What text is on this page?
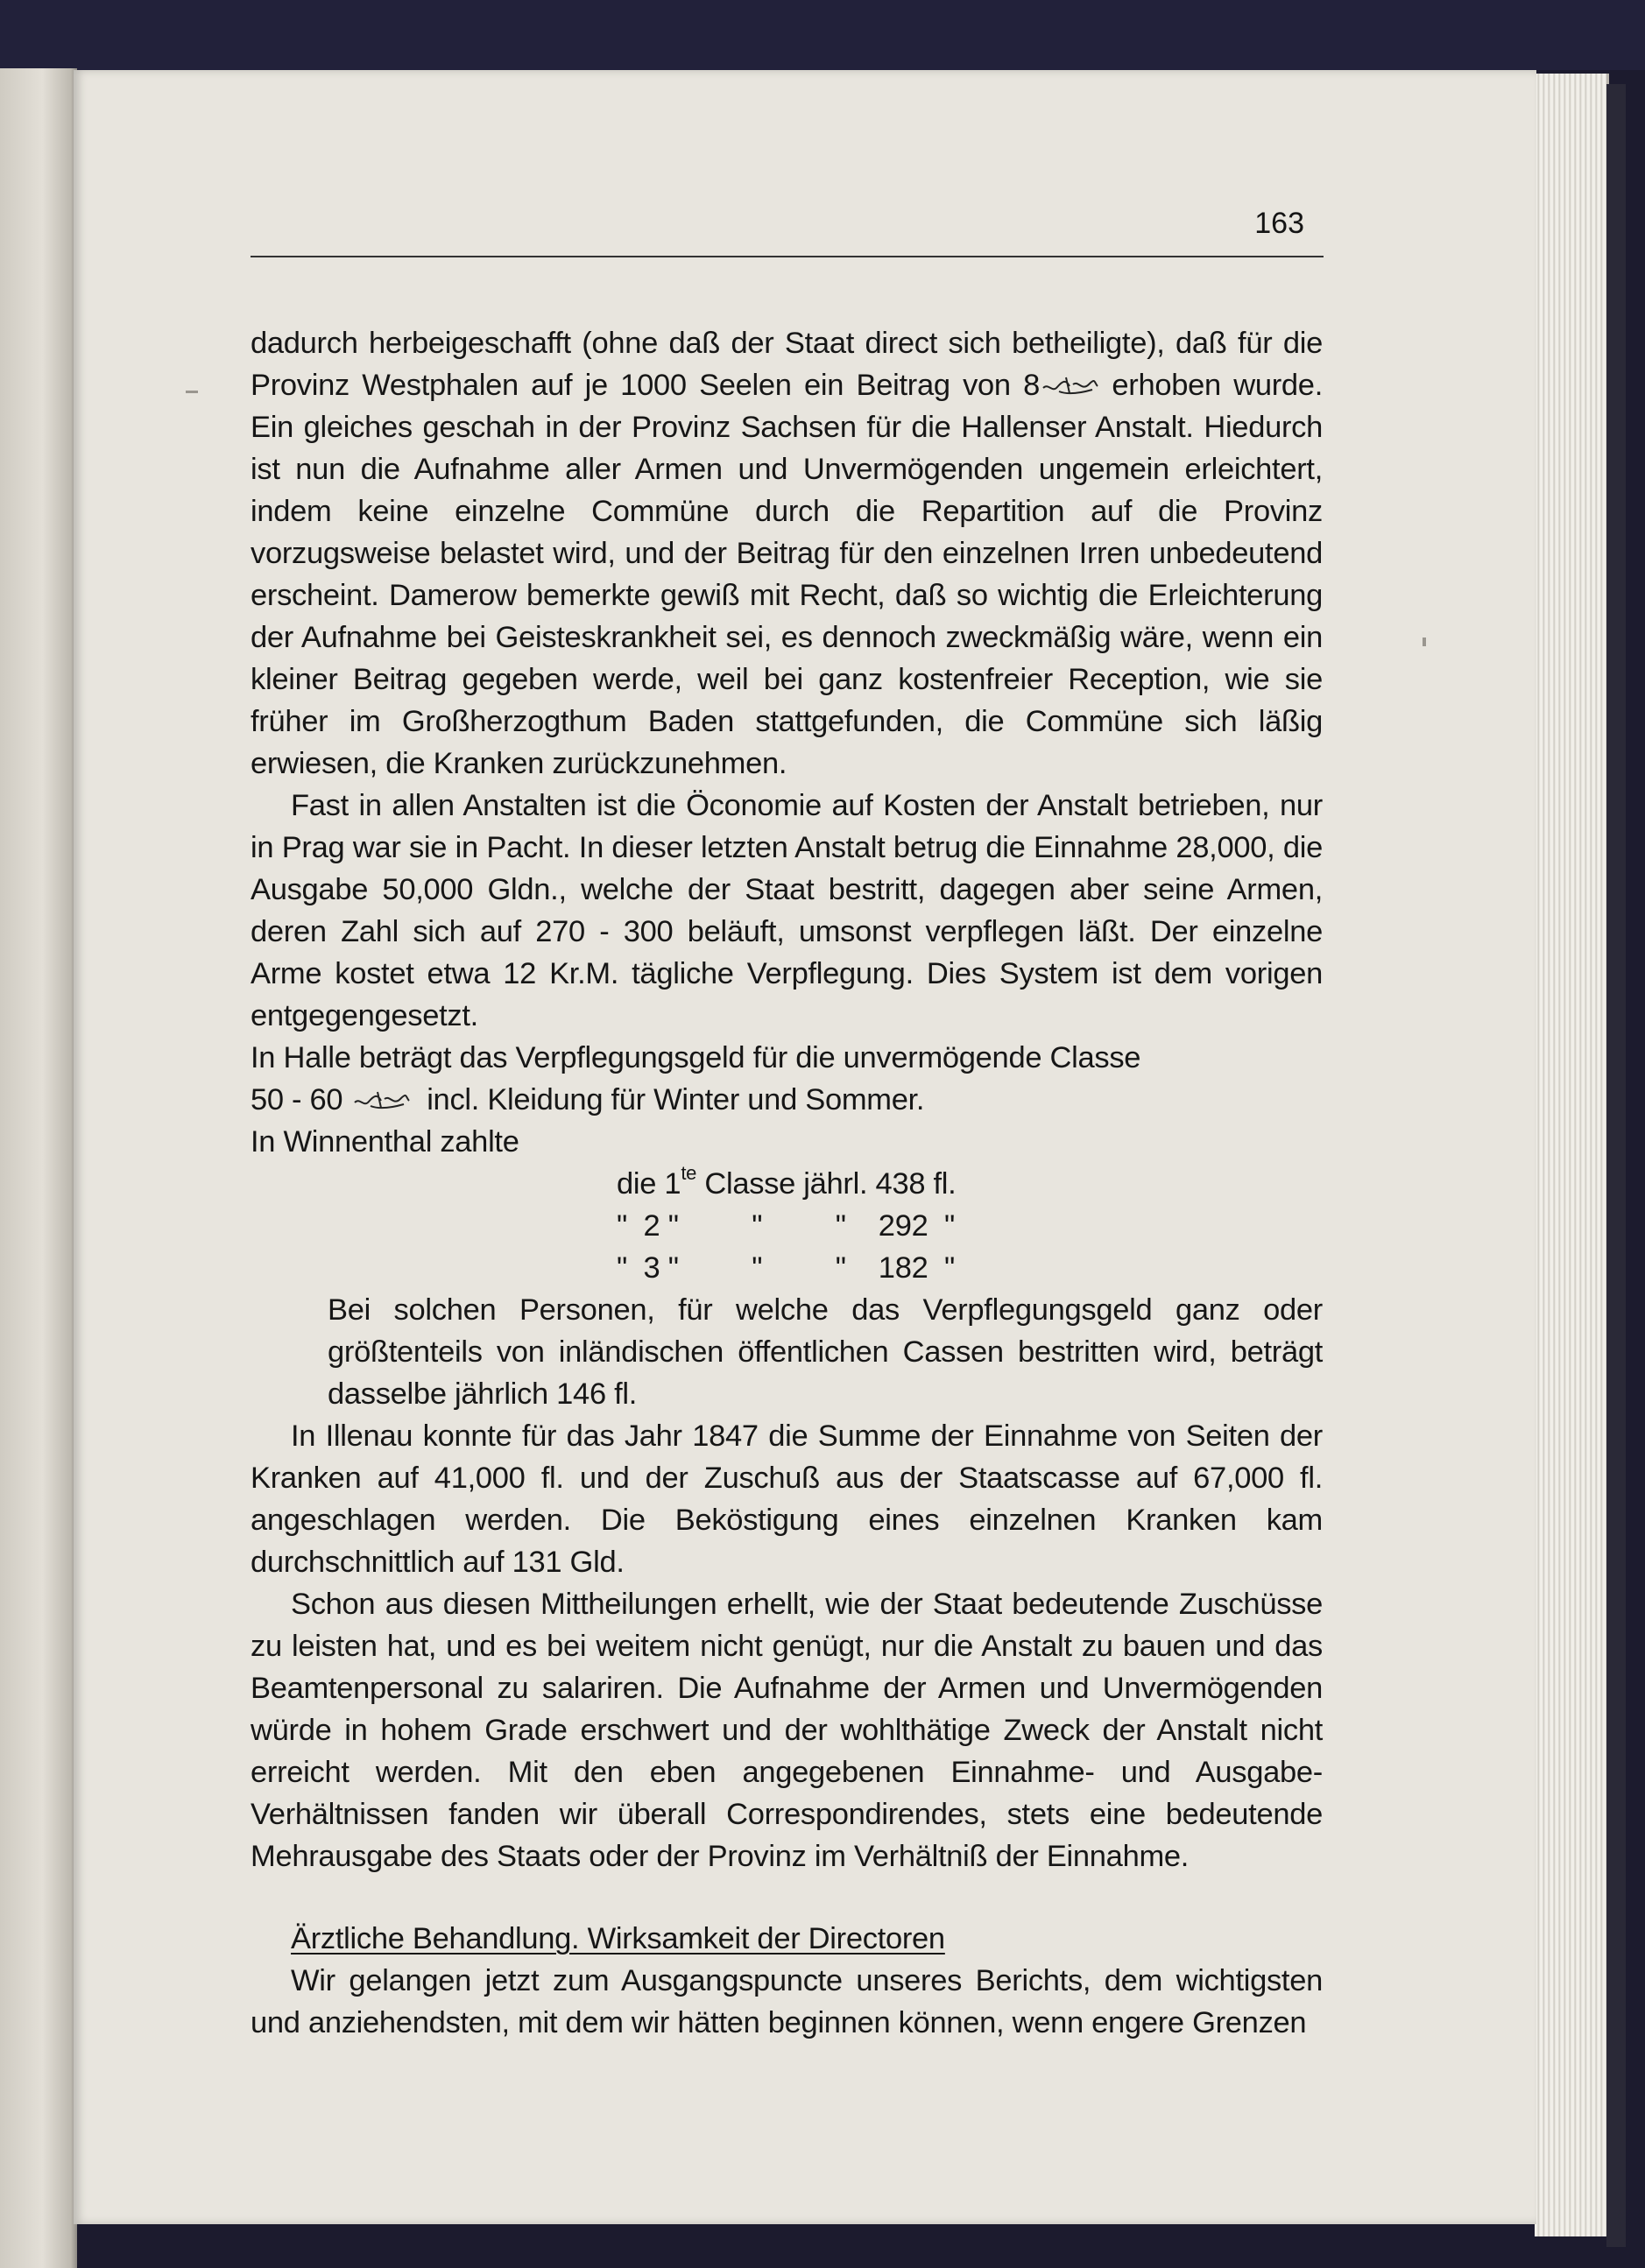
163

dadurch herbeigeschafft (ohne daß der Staat direct sich betheiligte), daß für die Provinz Westphalen auf je 1000 Seelen ein Beitrag von 8
erhoben wurde. Ein gleiches geschah in der Provinz Sachsen für die Hallenser Anstalt. Hiedurch ist nun die Aufnahme aller Armen und Unvermögenden ungemein erleichtert, indem keine einzelne Commüne durch die Repartition auf die Provinz vorzugsweise belastet wird, und der Beitrag für den einzelnen Irren unbedeutend erscheint. Damerow bemerkte gewiß mit Recht, daß so wichtig die Erleichterung der Aufnahme bei Geisteskrankheit sei, es dennoch zweckmäßig wäre, wenn ein kleiner Beitrag gegeben werde, weil bei ganz kostenfreier Reception, wie sie früher im Großherzogthum Baden stattgefunden, die Commüne sich läßig erwiesen, die Kranken zurückzunehmen.

Fast in allen Anstalten ist die Öconomie auf Kosten der Anstalt betrieben, nur in Prag war sie in Pacht. In dieser letzten Anstalt betrug die Einnahme 28,000, die Ausgabe 50,000 Gldn., welche der Staat bestritt, dagegen aber seine Armen, deren Zahl sich auf 270 - 300 beläuft, umsonst verpflegen läßt. Der einzelne Arme kostet etwa 12 Kr.M. tägliche Verpflegung. Dies System ist dem vorigen entgegengesetzt.

In Halle beträgt das Verpflegungsgeld für die unvermögende Classe

50 - 60	incl. Kleidung für Winter und Sommer.

In Winnenthal zahlte

die $1^{te}$ Classe jährl. 438 fl.
"  2 "         "         "    292  "
"  3 "         "         "    182  "

Bei solchen Personen, für welche das Verpflegungsgeld ganz oder größtenteils von inländischen öffentlichen Cassen bestritten wird, beträgt dasselbe jährlich 146 fl.

In Illenau konnte für das Jahr 1847 die Summe der Einnahme von Seiten der Kranken auf 41,000 fl. und der Zuschuß aus der Staatscasse auf 67,000 fl. angeschlagen werden. Die Beköstigung eines einzelnen Kranken kam durchschnittlich auf 131 Gld.

Schon aus diesen Mittheilungen erhellt, wie der Staat bedeutende Zuschüsse zu leisten hat, und es bei weitem nicht genügt, nur die Anstalt zu bauen und das Beamtenpersonal zu salariren. Die Aufnahme der Armen und Unvermögenden würde in hohem Grade erschwert und der wohlthätige Zweck der Anstalt nicht erreicht werden. Mit den eben angegebenen Einnahme- und Ausgabe-Verhältnissen fanden wir überall Correspondirendes, stets eine bedeutende Mehrausgabe des Staats oder der Provinz im Verhältniß der Einnahme.

Ärztliche Behandlung. Wirksamkeit der Directoren

Wir gelangen jetzt zum Ausgangspuncte unseres Berichts, dem wichtigsten und anziehendsten, mit dem wir hätten beginnen können, wenn engere Grenzen
